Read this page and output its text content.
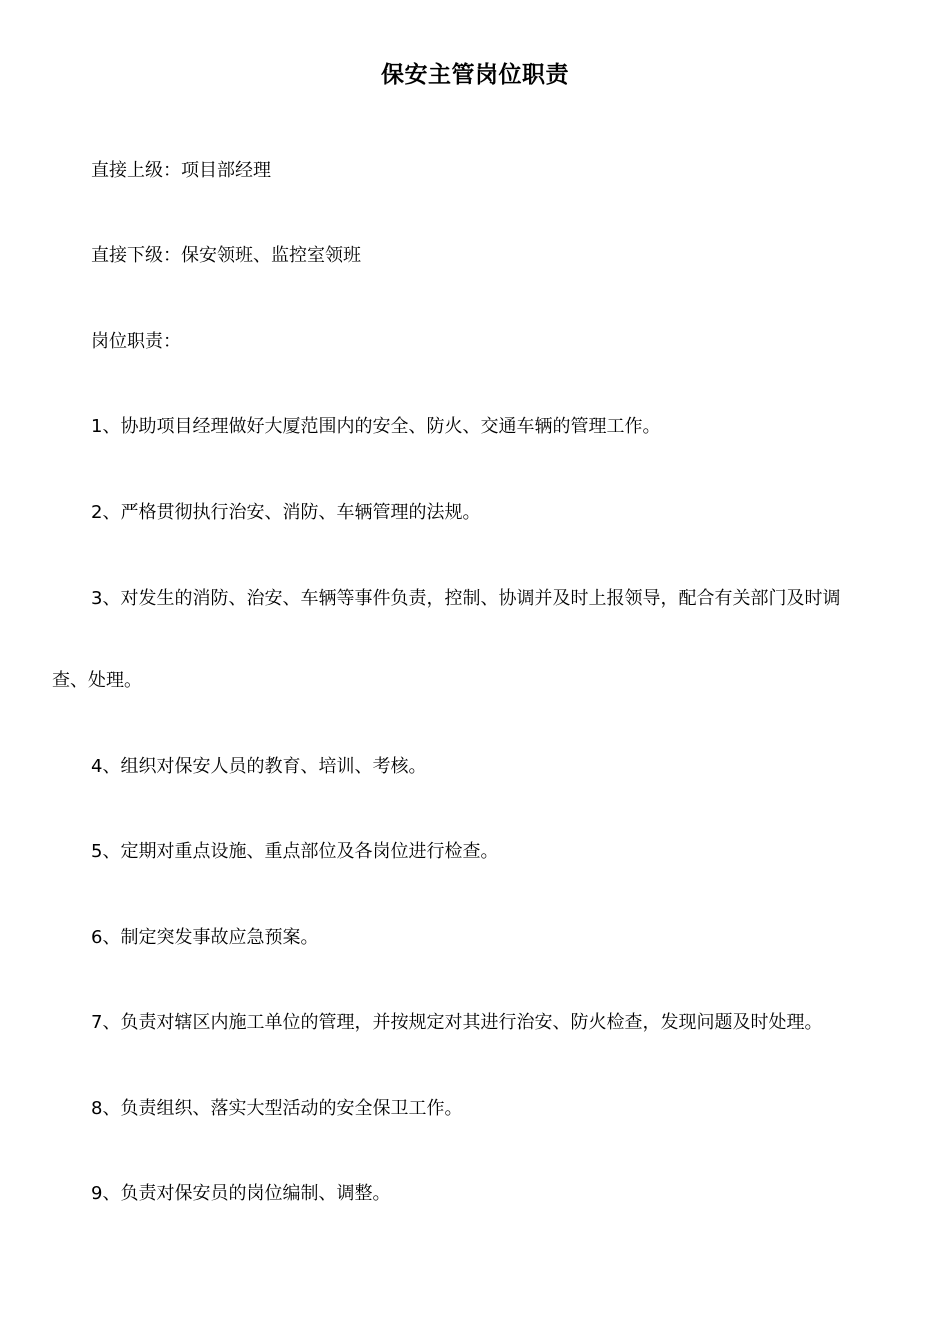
保安主管岗位职责
直接上级：项目部经理
直接下级：保安领班、监控室领班
岗位职责：
1、协助项目经理做好大厦范围内的安全、防火、交通车辆的管理工作。
2、严格贯彻执行治安、消防、车辆管理的法规。
3、对发生的消防、治安、车辆等事件负责，控制、协调并及时上报领导，配合有关部门及时调
查、处理。
4、组织对保安人员的教育、培训、考核。
5、定期对重点设施、重点部位及各岗位进行检查。
6、制定突发事故应急预案。
7、负责对辖区内施工单位的管理，并按规定对其进行治安、防火检查，发现问题及时处理。
8、负责组织、落实大型活动的安全保卫工作。
9、负责对保安员的岗位编制、调整。
